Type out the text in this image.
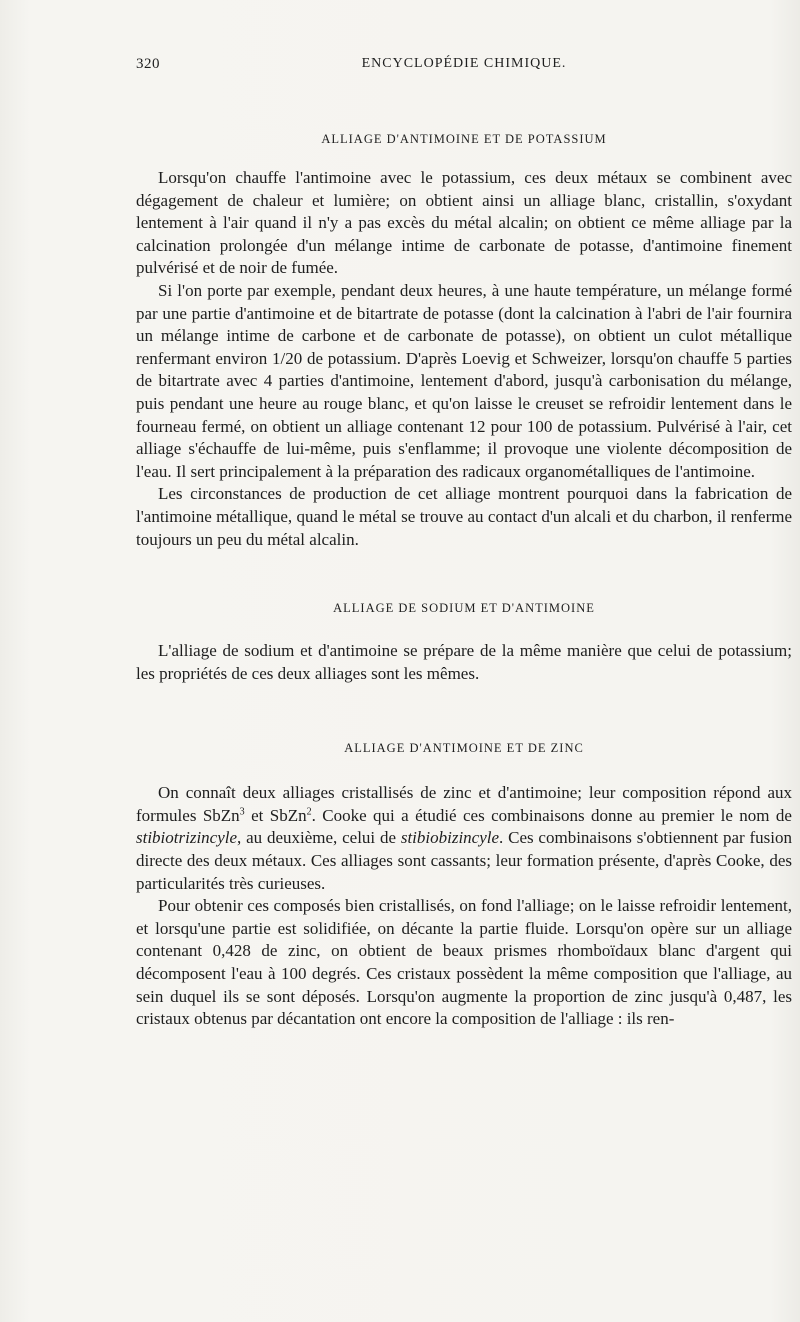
320	ENCYCLOPÉDIE CHIMIQUE.
ALLIAGE D'ANTIMOINE ET DE POTASSIUM

Lorsqu'on chauffe l'antimoine avec le potassium, ces deux métaux se combinent avec dégagement de chaleur et lumière; on obtient ainsi un alliage blanc, cristallin, s'oxydant lentement à l'air quand il n'y a pas excès du métal alcalin; on obtient ce même alliage par la calcination prolongée d'un mélange intime de carbonate de potasse, d'antimoine finement pulvérisé et de noir de fumée.

Si l'on porte par exemple, pendant deux heures, à une haute température, un mélange formé par une partie d'antimoine et de bitartrate de potasse (dont la calcination à l'abri de l'air fournira un mélange intime de carbone et de carbonate de potasse), on obtient un culot métallique renfermant environ 1/20 de potassium. D'après Loevig et Schweizer, lorsqu'on chauffe 5 parties de bitartrate avec 4 parties d'antimoine, lentement d'abord, jusqu'à carbonisation du mélange, puis pendant une heure au rouge blanc, et qu'on laisse le creuset se refroidir lentement dans le fourneau fermé, on obtient un alliage contenant 12 pour 100 de potassium. Pulvérisé à l'air, cet alliage s'échauffe de lui-même, puis s'enflamme; il provoque une violente décomposition de l'eau. Il sert principalement à la préparation des radicaux organométalliques de l'antimoine.

Les circonstances de production de cet alliage montrent pourquoi dans la fabrication de l'antimoine métallique, quand le métal se trouve au contact d'un alcali et du charbon, il renferme toujours un peu du métal alcalin.

ALLIAGE DE SODIUM ET D'ANTIMOINE

L'alliage de sodium et d'antimoine se prépare de la même manière que celui de potassium; les propriétés de ces deux alliages sont les mêmes.

ALLIAGE D'ANTIMOINE ET DE ZINC

On connaît deux alliages cristallisés de zinc et d'antimoine; leur composition répond aux formules SbZn$^3$ et SbZn$^2$. Cooke qui a étudié ces combinaisons donne au premier le nom de stibiotrizincyle, au deuxième, celui de stibiobizincyle. Ces combinaisons s'obtiennent par fusion directe des deux métaux. Ces alliages sont cassants; leur formation présente, d'après Cooke, des particularités très curieuses.

Pour obtenir ces composés bien cristallisés, on fond l'alliage; on le laisse refroidir lentement, et lorsqu'une partie est solidifiée, on décante la partie fluide. Lorsqu'on opère sur un alliage contenant 0,428 de zinc, on obtient de beaux prismes rhomboïdaux blanc d'argent qui décomposent l'eau à 100 degrés. Ces cristaux possèdent la même composition que l'alliage, au sein duquel ils se sont déposés. Lorsqu'on augmente la proportion de zinc jusqu'à 0,487, les cristaux obtenus par décantation ont encore la composition de l'alliage : ils ren-
